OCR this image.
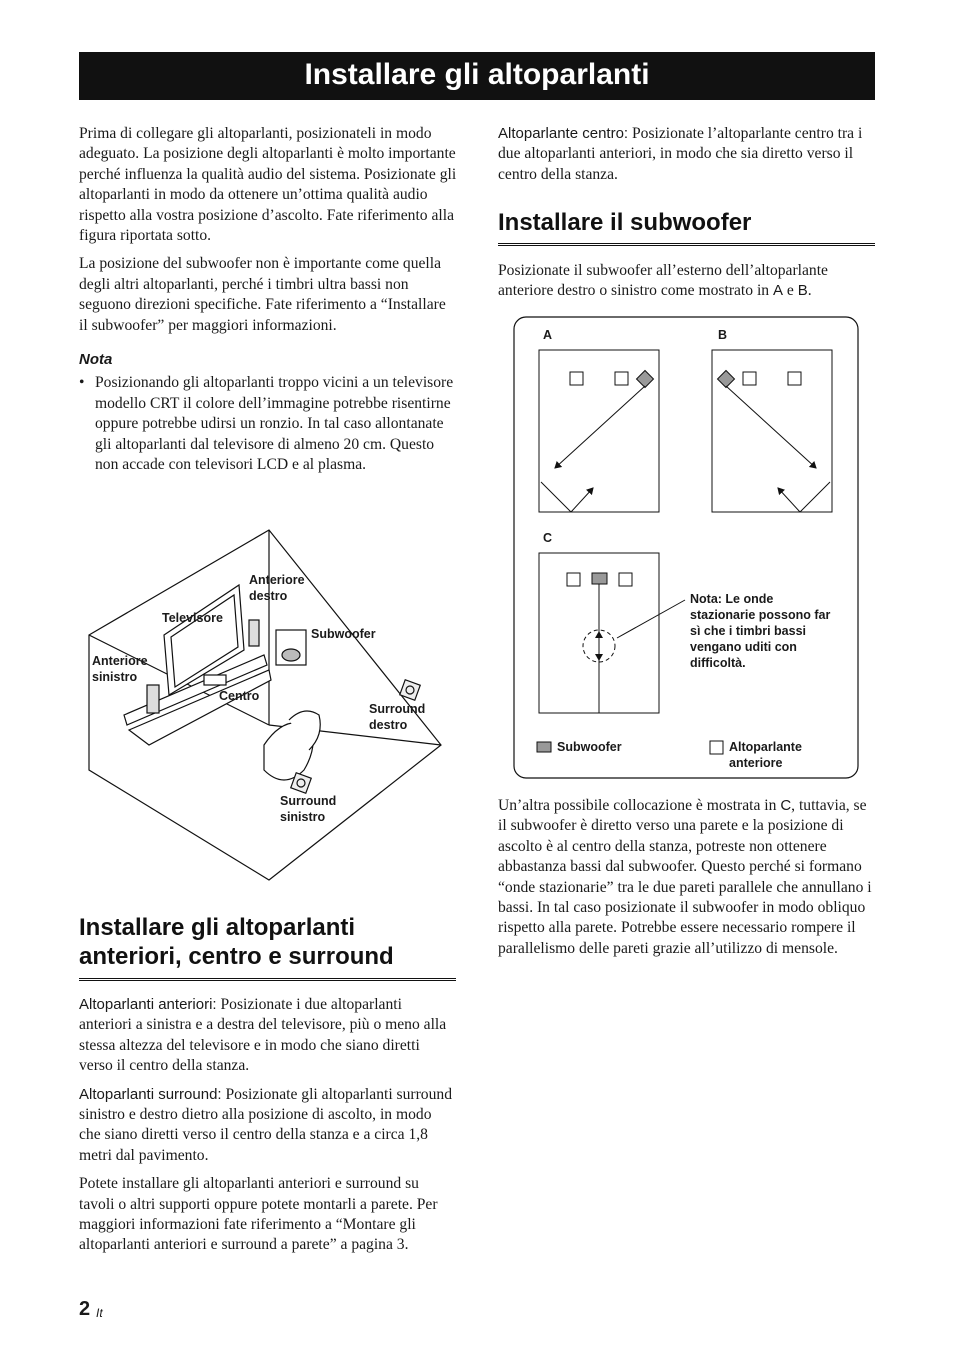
Installare gli altoparlanti

Prima di collegare gli altoparlanti, posizionateli in modo adeguato. La posizione degli altoparlanti è molto importante perché influenza la qualità audio del sistema. Posizionate gli altoparlanti in modo da ottenere un’ottima qualità audio rispetto alla vostra posizione d’ascolto. Fate riferimento alla figura riportata sotto.

La posizione del subwoofer non è importante come quella degli altri altoparlanti, perché i timbri ultra bassi non seguono direzioni specifiche. Fate riferimento a “Installare il subwoofer” per maggiori informazioni.

Nota
• Posizionando gli altoparlanti troppo vicini a un televisore modello CRT il colore dell’immagine potrebbe risentirne oppure potrebbe udirsi un ronzio. In tal caso allontanate gli altoparlanti dal televisore di almeno 20 cm. Questo non accade con televisori LCD e al plasma.
Anteriore destro
Televisore
Subwoofer
Anteriore sinistro
Centro
Surround destro
Surround sinistro
Installare gli altoparlanti anteriori, centro e surround

Altoparlanti anteriori: Posizionate i due altoparlanti anteriori a sinistra e a destra del televisore, più o meno alla stessa altezza del televisore e in modo che siano diretti verso il centro della stanza.

Altoparlanti surround: Posizionate gli altoparlanti surround sinistro e destro dietro alla posizione di ascolto, in modo che siano diretti verso il centro della stanza e a circa 1,8 metri dal pavimento.

Potete installare gli altoparlanti anteriori e surround su tavoli o altri supporti oppure potete montarli a parete. Per maggiori informazioni fate riferimento a “Montare gli altoparlanti anteriori e surround a parete” a pagina 3.

Altoparlante centro: Posizionate l’altoparlante centro tra i due altoparlanti anteriori, in modo che sia diretto verso il centro della stanza.

Installare il subwoofer

Posizionate il subwoofer all’esterno dell’altoparlante anteriore destro o sinistro come mostrato in A e B.

A	B
C
Nota: Le onde stazionarie possono far sì che i timbri bassi vengano uditi con difficoltà.
Subwoofer	Altoparlante anteriore

Un’altra possibile collocazione è mostrata in C, tuttavia, se il subwoofer è diretto verso una parete e la posizione di ascolto è al centro della stanza, potreste non ottenere abbastanza bassi dal subwoofer. Questo perché si formano “onde stazionarie” tra le due pareti parallele che annullano i bassi. In tal caso posizionate il subwoofer in modo obliquo rispetto alla parete. Potrebbe essere necessario rompere il parallelismo delle pareti grazie all’utilizzo di mensole.

2 It
